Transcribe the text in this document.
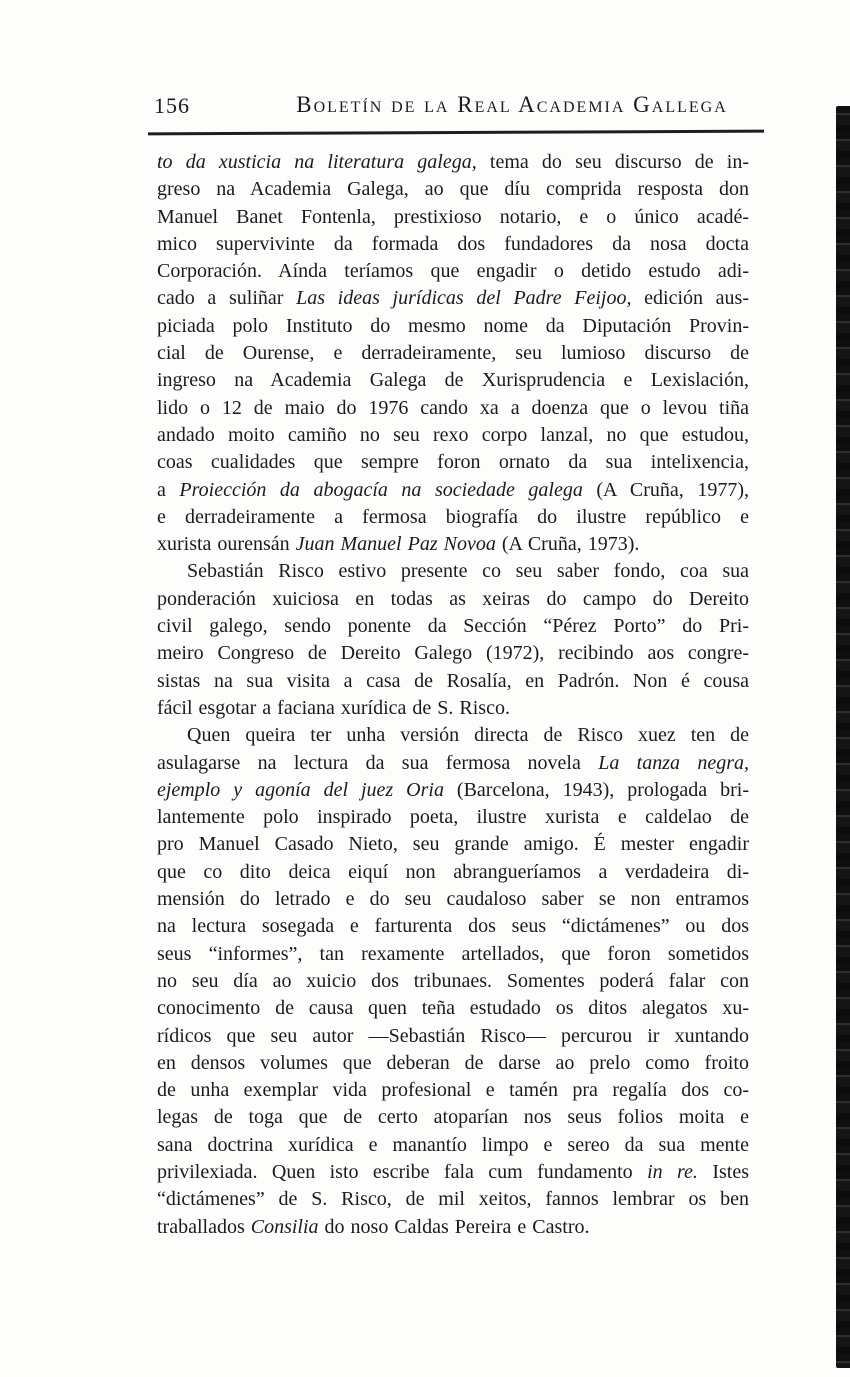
156	Boletín de la Real Academia Gallega
to da xusticia na literatura galega, tema do seu discurso de in-
greso na Academia Galega, ao que díu comprida resposta don
Manuel Banet Fontenla, prestixioso notario, e o único acadé-
mico supervivinte da formada dos fundadores da nosa docta
Corporación. Aínda teríamos que engadir o detido estudo adi-
cado a suliñar Las ideas jurídicas del Padre Feijoo, edición aus-
piciada polo Instituto do mesmo nome da Diputación Provin-
cial de Ourense, e derradeiramente, seu lumioso discurso de
ingreso na Academia Galega de Xurisprudencia e Lexislación,
lido o 12 de maio do 1976 cando xa a doenza que o levou tiña
andado moito camiño no seu rexo corpo lanzal, no que estudou,
coas cualidades que sempre foron ornato da sua intelixencia,
a Proiección da abogacía na sociedade galega (A Cruña, 1977),
e derradeiramente a fermosa biografía do ilustre repúblico e
xurista ourensán Juan Manuel Paz Novoa (A Cruña, 1973).
Sebastián Risco estivo presente co seu saber fondo, coa sua
ponderación xuiciosa en todas as xeiras do campo do Dereito
civil galego, sendo ponente da Sección “Pérez Porto” do Pri-
meiro Congreso de Dereito Galego (1972), recibindo aos congre-
sistas na sua visita a casa de Rosalía, en Padrón. Non é cousa
fácil esgotar a faciana xurídica de S. Risco.
Quen queira ter unha versión directa de Risco xuez ten de
asulagarse na lectura da sua fermosa novela La tanza negra,
ejemplo y agonía del juez Oria (Barcelona, 1943), prologada bri-
lantemente polo inspirado poeta, ilustre xurista e caldelao de
pro Manuel Casado Nieto, seu grande amigo. É mester engadir
que co dito deica eiquí non abrangueríamos a verdadeira di-
mensión do letrado e do seu caudaloso saber se non entramos
na lectura sosegada e farturenta dos seus “dictámenes” ou dos
seus “informes”, tan rexamente artellados, que foron sometidos
no seu día ao xuicio dos tribunaes. Somentes poderá falar con
conocimento de causa quen teña estudado os ditos alegatos xu-
rídicos que seu autor —Sebastián Risco— percurou ir xuntando
en densos volumes que deberan de darse ao prelo como froito
de unha exemplar vida profesional e tamén pra regalía dos co-
legas de toga que de certo atoparían nos seus folios moita e
sana doctrina xurídica e manantío limpo e sereo da sua mente
privilexiada. Quen isto escribe fala cum fundamento in re. Istes
“dictámenes” de S. Risco, de mil xeitos, fannos lembrar os ben
traballados Consilia do noso Caldas Pereira e Castro.
